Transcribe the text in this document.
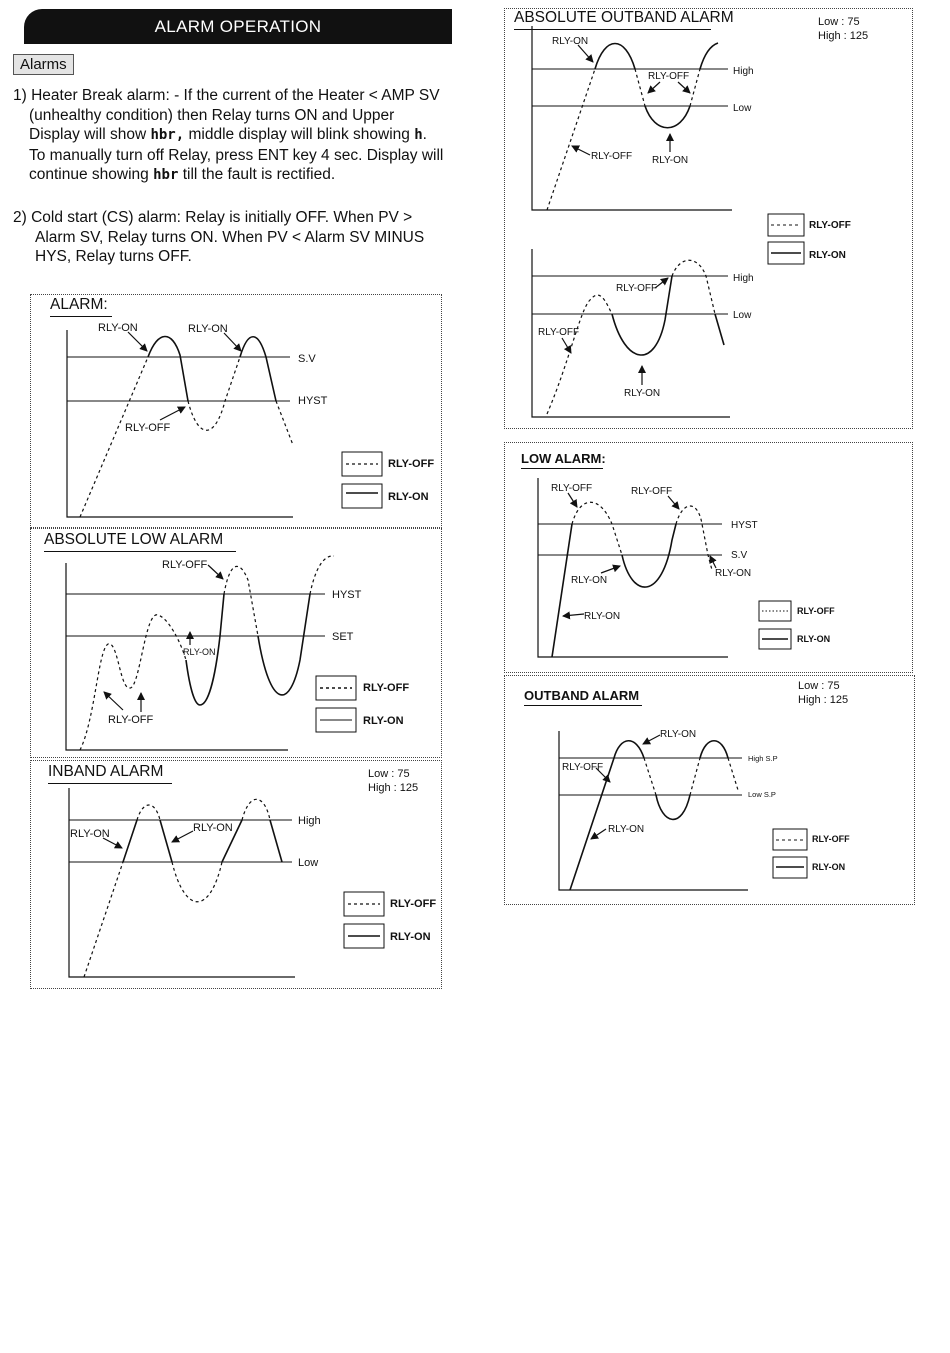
ALARM OPERATION
Alarms

1) Heater Break alarm: - If the current of the Heater < AMP SV

(unhealthy condition) then Relay turns ON and Upper
Display will show hbr, middle display will blink showing h.
To manually turn off Relay, press ENT key 4 sec. Display will
continue showing hbr till the fault is rectified.

2) Cold start (CS) alarm: Relay is initially OFF. When PV >

Alarm SV, Relay turns ON. When PV < Alarm SV MINUS
HYS, Relay turns OFF.

ALARM:
ABSOLUTE LOW ALARM
INBAND ALARM
ABSOLUTE OUTBAND ALARM
LOW ALARM:
OUTBAND ALARM
Low : 75
High : 125
Low : 75
High : 125
Low : 75
High : 125
RLY-ON	RLY-ON
RLY-OFF
S.V
HYST
RLY-OFF
RLY-ON
RLY-OFF
RLY-ON
RLY-OFF
HYST
SET
RLY-OFF
RLY-ON
RLY-ON	RLY-ON
High
Low
RLY-OFF
RLY-ON
RLY-ON
RLY-OFF
RLY-ON
RLY-OFF
High
Low
RLY-OFF
RLY-ON
RLY-OFF
RLY-OFF
RLY-ON
High
Low
RLY-OFF	RLY-OFF
RLY-ON
RLY-ON
RLY-ON
HYST
S.V
RLY-OFF
RLY-ON
RLY-ON
RLY-OFF
RLY-ON
High S.P
Low S.P
RLY-OFF
RLY-ON
